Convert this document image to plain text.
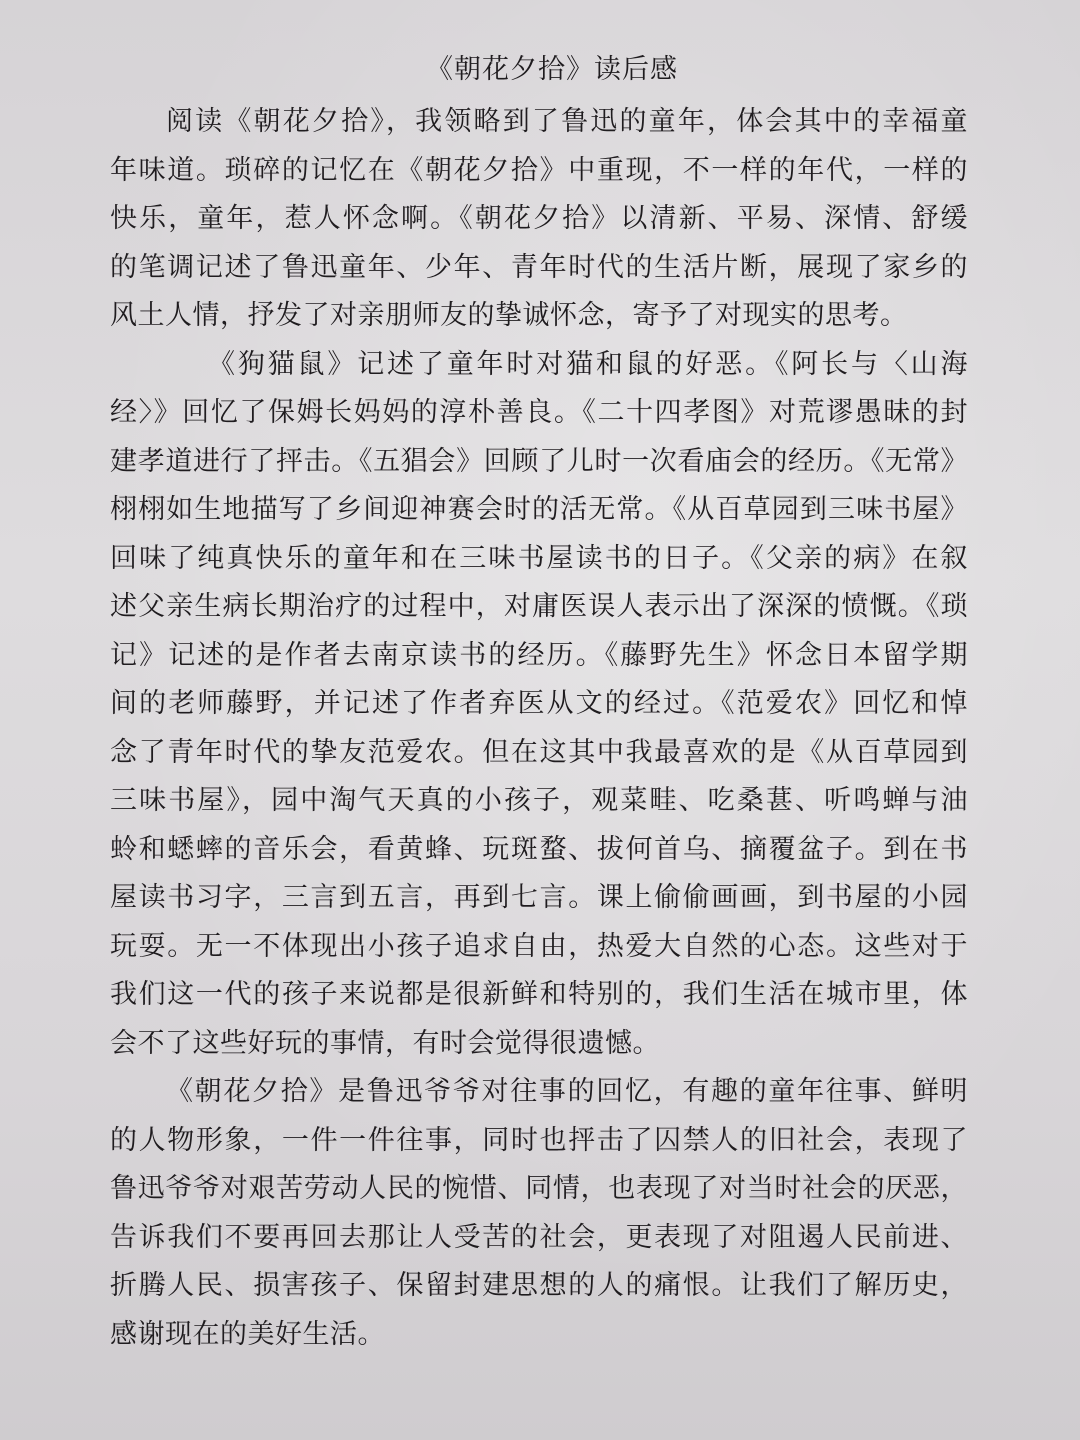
《朝花夕拾》读后感
阅读《朝花夕拾》，我领略到了鲁迅的童年，体会其中的幸福童
年味道。琐碎的记忆在《朝花夕拾》中重现，不一样的年代，一样的
快乐，童年，惹人怀念啊。《朝花夕拾》以清新、平易、深情、舒缓
的笔调记述了鲁迅童年、少年、青年时代的生活片断，展现了家乡的
风土人情，抒发了对亲朋师友的挚诚怀念，寄予了对现实的思考。
《狗猫鼠》记述了童年时对猫和鼠的好恶。《阿长与〈山海
经〉》回忆了保姆长妈妈的淳朴善良。《二十四孝图》对荒谬愚昧的封
建孝道进行了抨击。《五猖会》回顾了儿时一次看庙会的经历。《无常》
栩栩如生地描写了乡间迎神赛会时的活无常。《从百草园到三味书屋》
回味了纯真快乐的童年和在三味书屋读书的日子。《父亲的病》在叙
述父亲生病长期治疗的过程中，对庸医误人表示出了深深的愤慨。《琐
记》记述的是作者去南京读书的经历。《藤野先生》怀念日本留学期
间的老师藤野，并记述了作者弃医从文的经过。《范爱农》回忆和悼
念了青年时代的挚友范爱农。但在这其中我最喜欢的是《从百草园到
三味书屋》，园中淘气天真的小孩子，观菜畦、吃桑葚、听鸣蝉与油
蛉和蟋蟀的音乐会，看黄蜂、玩斑蝥、拔何首乌、摘覆盆子。到在书
屋读书习字，三言到五言，再到七言。课上偷偷画画，到书屋的小园
玩耍。无一不体现出小孩子追求自由，热爱大自然的心态。这些对于
我们这一代的孩子来说都是很新鲜和特别的，我们生活在城市里，体
会不了这些好玩的事情，有时会觉得很遗憾。
《朝花夕拾》是鲁迅爷爷对往事的回忆，有趣的童年往事、鲜明
的人物形象，一件一件往事，同时也抨击了囚禁人的旧社会，表现了
鲁迅爷爷对艰苦劳动人民的惋惜、同情，也表现了对当时社会的厌恶，
告诉我们不要再回去那让人受苦的社会，更表现了对阻遏人民前进、
折腾人民、损害孩子、保留封建思想的人的痛恨。让我们了解历史，
感谢现在的美好生活。
